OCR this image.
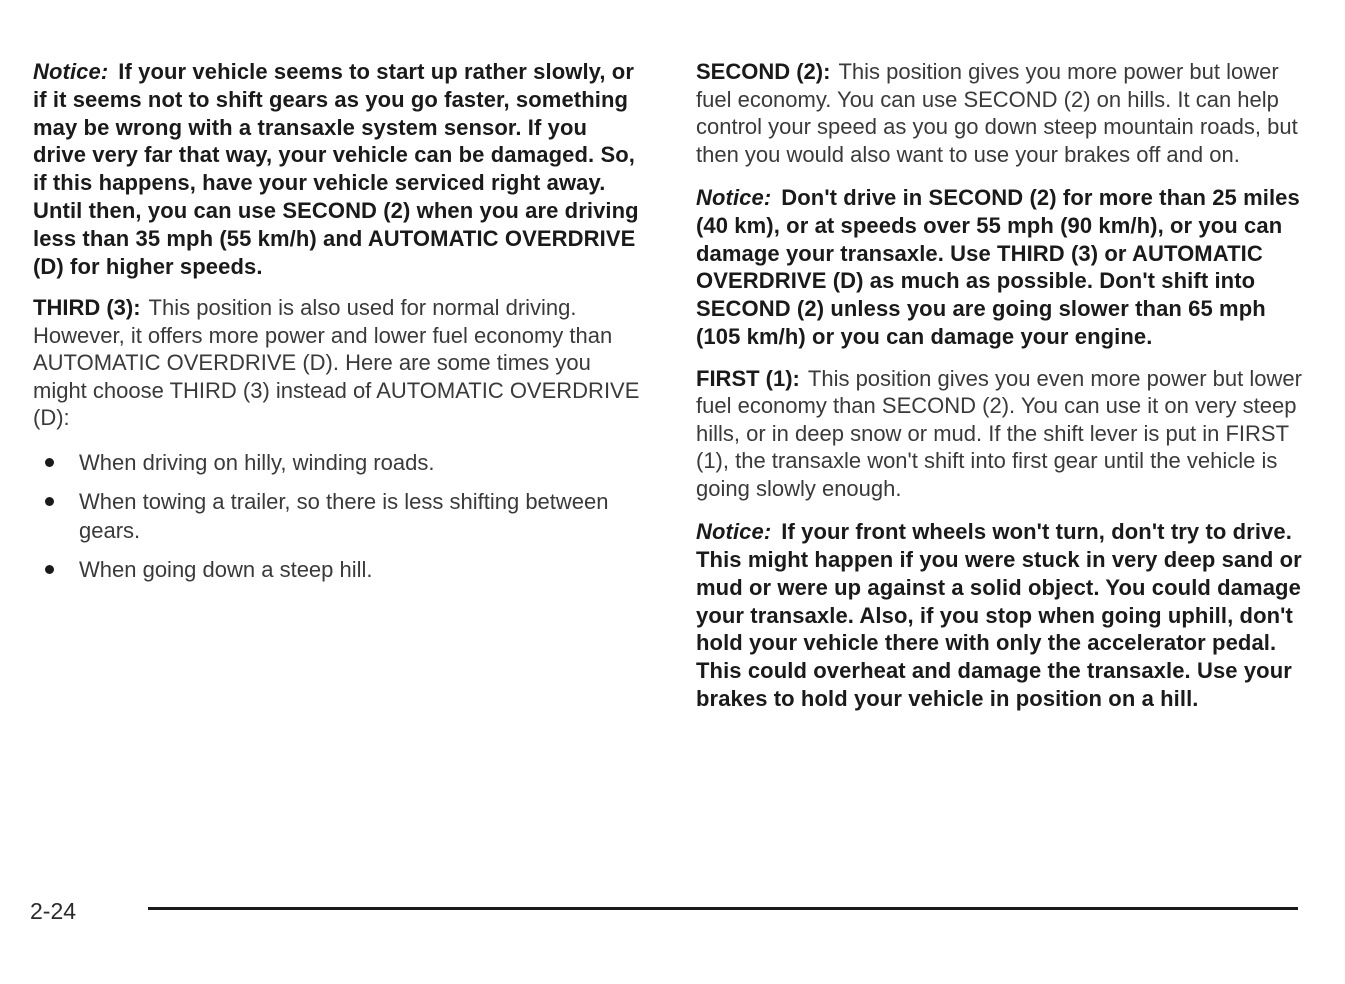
Notice: If your vehicle seems to start up rather slowly, or if it seems not to shift gears as you go faster, something may be wrong with a transaxle system sensor. If you drive very far that way, your vehicle can be damaged. So, if this happens, have your vehicle serviced right away. Until then, you can use SECOND (2) when you are driving less than 35 mph (55 km/h) and AUTOMATIC OVERDRIVE (D) for higher speeds.

THIRD (3): This position is also used for normal driving. However, it offers more power and lower fuel economy than AUTOMATIC OVERDRIVE (D). Here are some times you might choose THIRD (3) instead of AUTOMATIC OVERDRIVE (D):

When driving on hilly, winding roads.
When towing a trailer, so there is less shifting between gears.
When going down a steep hill.

SECOND (2): This position gives you more power but lower fuel economy. You can use SECOND (2) on hills. It can help control your speed as you go down steep mountain roads, but then you would also want to use your brakes off and on.

Notice: Don't drive in SECOND (2) for more than 25 miles (40 km), or at speeds over 55 mph (90 km/h), or you can damage your transaxle. Use THIRD (3) or AUTOMATIC OVERDRIVE (D) as much as possible. Don't shift into SECOND (2) unless you are going slower than 65 mph (105 km/h) or you can damage your engine.

FIRST (1): This position gives you even more power but lower fuel economy than SECOND (2). You can use it on very steep hills, or in deep snow or mud. If the shift lever is put in FIRST (1), the transaxle won't shift into first gear until the vehicle is going slowly enough.

Notice: If your front wheels won't turn, don't try to drive. This might happen if you were stuck in very deep sand or mud or were up against a solid object. You could damage your transaxle. Also, if you stop when going uphill, don't hold your vehicle there with only the accelerator pedal. This could overheat and damage the transaxle. Use your brakes to hold your vehicle in position on a hill.

2-24
